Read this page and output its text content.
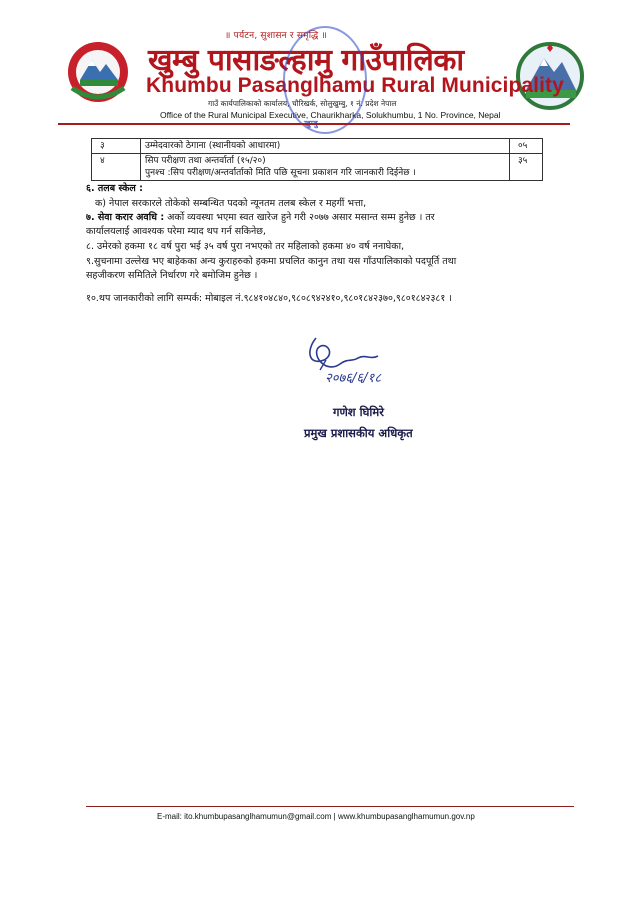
॥ पर्यटन, सुशासन र समृद्धि ॥
खुम्बु पासाङल्हामु गाउँपालिका
Khumbu Pasanglhamu Rural Municipality
गाउँ कार्यपालिकाको कार्यालय, चौरिखर्क, सोलुखुम्बु, १ नं. प्रदेश नेपाल
Office of the Rural Municipal Executive, Chaurikharka, Solukhumbu, 1 No. Province, Nepal
३	उम्मेदवारको ठेगाना (स्थानीयको आधारमा)	०५
४	सिप परीक्षण तथा अन्तर्वार्ता (१५/२०)
पुनश्च :सिप परीक्षण/अन्तर्वार्ताको मिति पछि सूचना प्रकाशन गरि जानकारी दिईनेछ ।	३५
६. तलब स्केल :
क) नेपाल सरकारले तोकेको सम्बन्धित पदको न्यूनतम तलब स्केल र महगीं भत्ता,
७. सेवा करार अवधि : अर्को व्यवस्था भएमा स्वत खारेज हुने गरी २०७७ असार मसान्त सम्म हुनेछ । तर
कार्यालयलाई आवश्यक परेमा म्याद थप गर्न सकिनेछ,
८. उमेरको हकमा १८ वर्ष पुरा भई ३५ वर्ष पुरा नभएको तर महिलाको हकमा ४० वर्ष ननाघेका,
९.सुचनामा उल्लेख भए बाहेकका अन्य कुराहरुको हकमा प्रचलित कानुन तथा यस गाँउपालिकाको पदपूर्ति तथा
सहजीकरण समितिले निर्धारण गरे बमोजिम हुनेछ ।
१०.थप जानकारीको लागि सम्पर्क: मोबाइल नं.९८४१०४८४०,९८०८९४२४१०,९८०१८४२३७०,९८०१८४२३८१ ।
२०७६/६/१८
गणेश घिमिरे
प्रमुख प्रशासकीय अधिकृत
E-mail: ito.khumbupasanglhamumun@gmail.com | www.khumbupasanglhamumun.gov.np
